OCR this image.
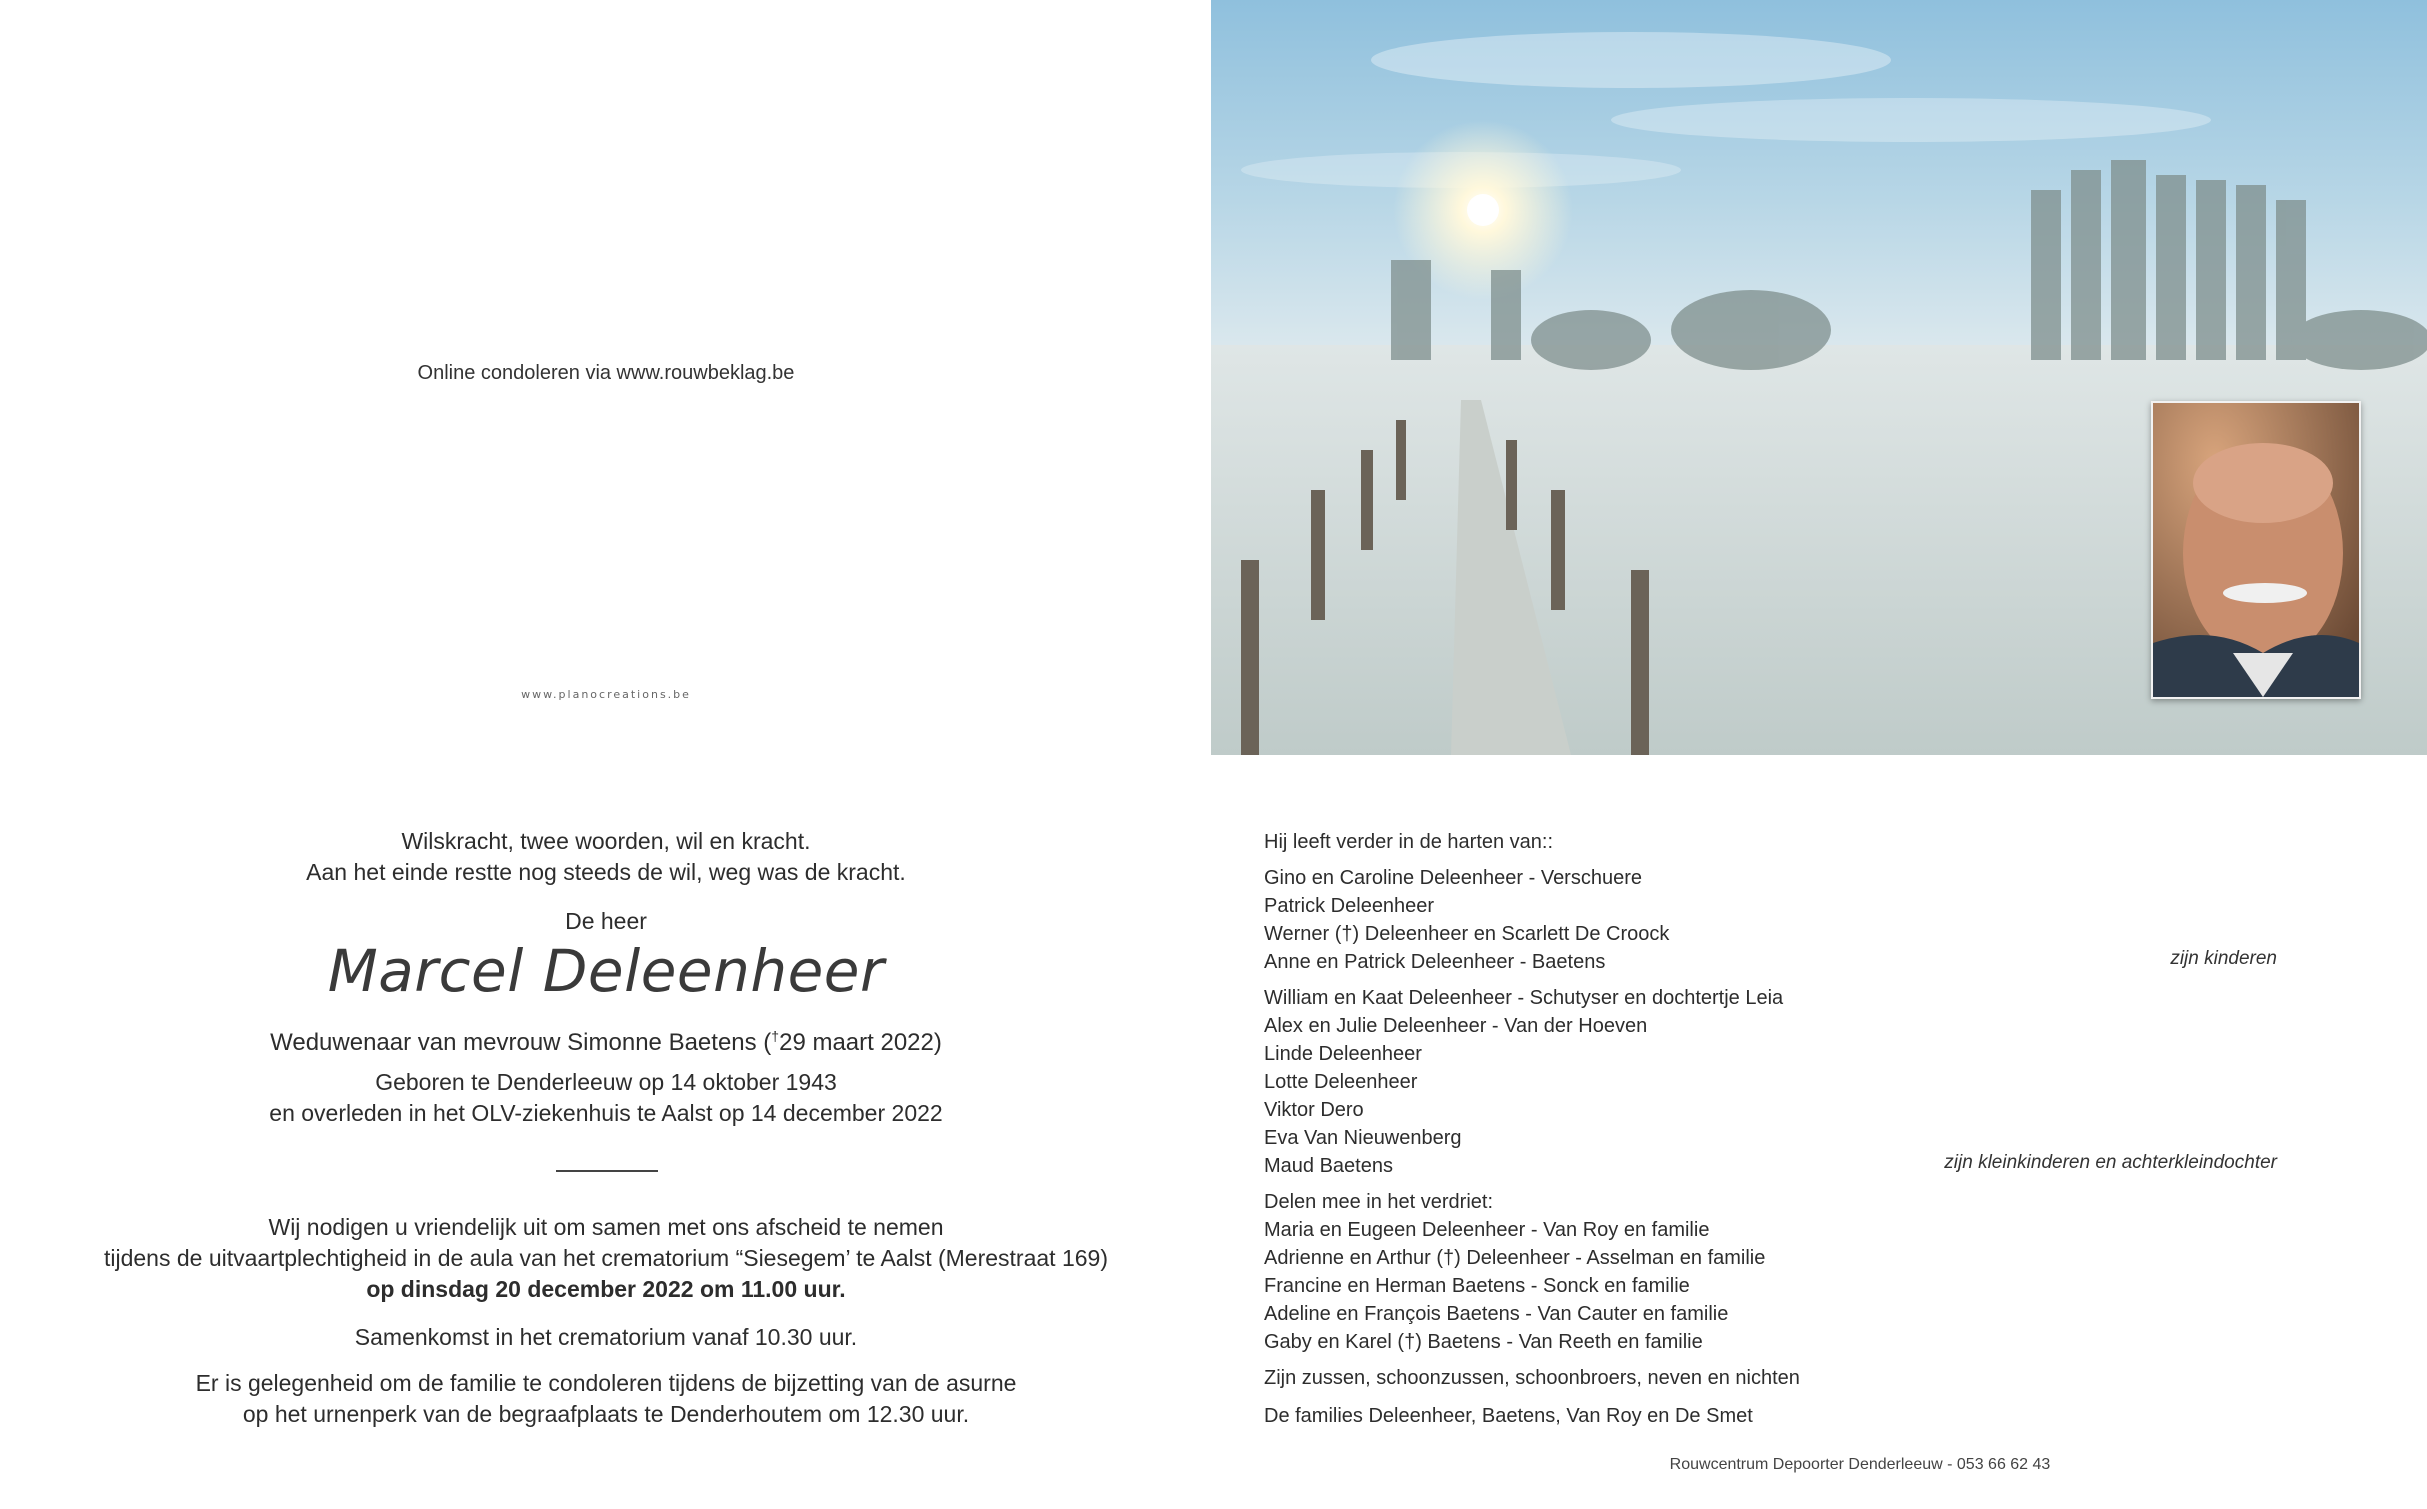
Online condoleren via www.rouwbeklag.be
www.planocreations.be
Wilskracht, twee woorden, wil en kracht.
Aan het einde restte nog steeds de wil, weg was de kracht.
De heer
Marcel Deleenheer
Weduwenaar van mevrouw Simonne Baetens (†29 maart 2022)
Geboren te Denderleeuw op 14 oktober 1943
en overleden in het OLV-ziekenhuis te Aalst op 14 december 2022
Wij nodigen u vriendelijk uit om samen met ons afscheid te nemen
tijdens de uitvaartplechtigheid in de aula van het crematorium “Siesegem’ te Aalst (Merestraat 169)
op dinsdag 20 december 2022 om 11.00 uur.
Samenkomst in het crematorium vanaf 10.30 uur.
Er is gelegenheid om de familie te condoleren tijdens de bijzetting van de asurne
op het urnenperk van de begraafplaats te Denderhoutem om 12.30 uur.
Hij leeft verder in de harten van::
Gino en Caroline Deleenheer - Verschuere
Patrick Deleenheer
Werner (†) Deleenheer en Scarlett De Croock
Anne en Patrick Deleenheer - Baetens	zijn kinderen
William en Kaat Deleenheer - Schutyser en dochtertje Leia
Alex en Julie Deleenheer - Van der Hoeven
Linde Deleenheer
Lotte Deleenheer
Viktor Dero
Eva Van Nieuwenberg
Maud Baetens	zijn kleinkinderen en achterkleindochter
Delen mee in het verdriet:
Maria en Eugeen Deleenheer - Van Roy en familie
Adrienne en Arthur (†) Deleenheer - Asselman en familie
Francine en Herman Baetens - Sonck en familie
Adeline en François Baetens - Van Cauter en familie
Gaby en Karel (†) Baetens - Van Reeth en familie
Zijn zussen, schoonzussen, schoonbroers, neven en nichten
De families Deleenheer, Baetens, Van Roy en De Smet
Rouwcentrum Depoorter Denderleeuw - 053 66 62 43
